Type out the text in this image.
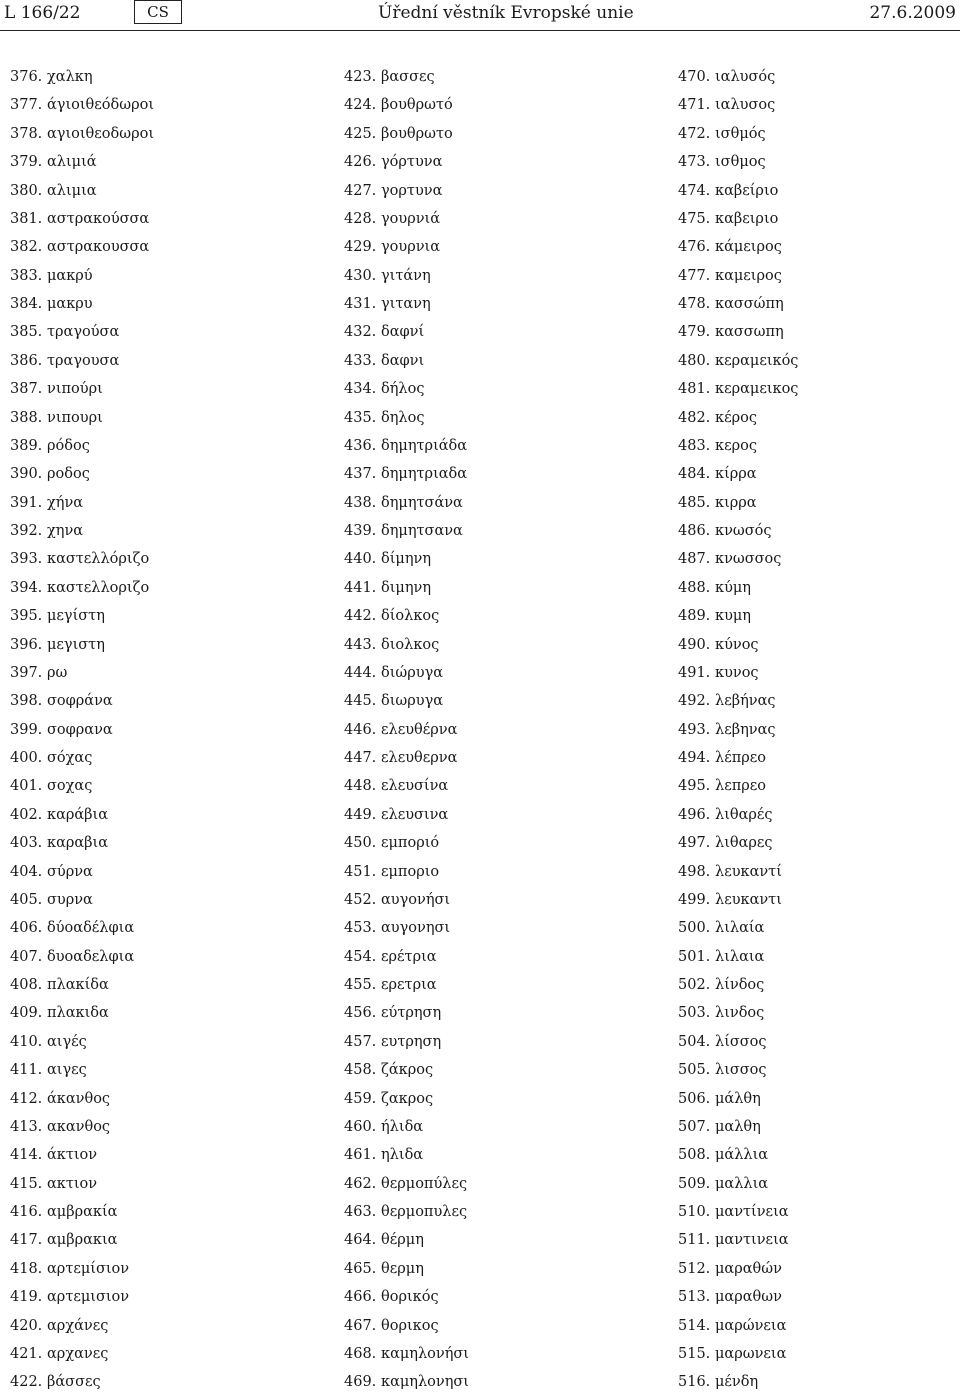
L 166/22	CS	Úřední věstník Evropské unie	27.6.2009
376. χαλκη
377. άγιοιθεόδωροι
378. αγιοιθεοδωροι
379. αλιμιά
380. αλιμια
381. αστρακούσσα
382. αστρακουσσα
383. μακρύ
384. μακρυ
385. τραγούσα
386. τραγουσα
387. νιπούρι
388. νιπουρι
389. ρόδος
390. ροδος
391. χήνα
392. χηνα
393. καστελλόριζο
394. καστελλοριζο
395. μεγίστη
396. μεγιστη
397. ρω
398. σοφράνα
399. σοφρανα
400. σόχας
401. σοχας
402. καράβια
403. καραβια
404. σύρνα
405. συρνα
406. δύοαδέλφια
407. δυοαδελφια
408. πλακίδα
409. πλακιδα
410. αιγές
411. αιγες
412. άκανθος
413. ακανθος
414. άκτιον
415. ακτιον
416. αμβρακία
417. αμβρακια
418. αρτεμίσιον
419. αρτεμισιον
420. αρχάνες
421. αρχανες
422. βάσσες
423. βασσες
424. βουθρωτό
425. βουθρωτο
426. γόρτυνα
427. γορτυνα
428. γουρνιά
429. γουρνια
430. γιτάνη
431. γιτανη
432. δαφνί
433. δαφνι
434. δήλος
435. δηλος
436. δημητριάδα
437. δημητριαδα
438. δημητσάνα
439. δημητσανα
440. δίμηνη
441. διμηνη
442. δίολκος
443. διολκος
444. διώρυγα
445. διωρυγα
446. ελευθέρνα
447. ελευθερνα
448. ελευσίνα
449. ελευσινα
450. εμποριό
451. εμποριο
452. αυγονήσι
453. αυγονησι
454. ερέτρια
455. ερετρια
456. εύτρηση
457. ευτρηση
458. ζάκρος
459. ζακρος
460. ήλιδα
461. ηλιδα
462. θερμοπύλες
463. θερμοπυλες
464. θέρμη
465. θερμη
466. θορικός
467. θορικος
468. καμηλονήσι
469. καμηλονησι
470. ιαλυσός
471. ιαλυσος
472. ισθμός
473. ισθμος
474. καβείριο
475. καβειριο
476. κάμειρος
477. καμειρος
478. κασσώπη
479. κασσωπη
480. κεραμεικός
481. κεραμεικος
482. κέρος
483. κερος
484. κίρρα
485. κιρρα
486. κνωσός
487. κνωσσος
488. κύμη
489. κυμη
490. κύνος
491. κυνος
492. λεβήνας
493. λεβηνας
494. λέπρεο
495. λεπρεο
496. λιθαρές
497. λιθαρες
498. λευκαντί
499. λευκαντι
500. λιλαία
501. λιλαια
502. λίνδος
503. λινδος
504. λίσσος
505. λισσος
506. μάλθη
507. μαλθη
508. μάλλια
509. μαλλια
510. μαντίνεια
511. μαντινεια
512. μαραθών
513. μαραθων
514. μαρώνεια
515. μαρωνεια
516. μένδη
